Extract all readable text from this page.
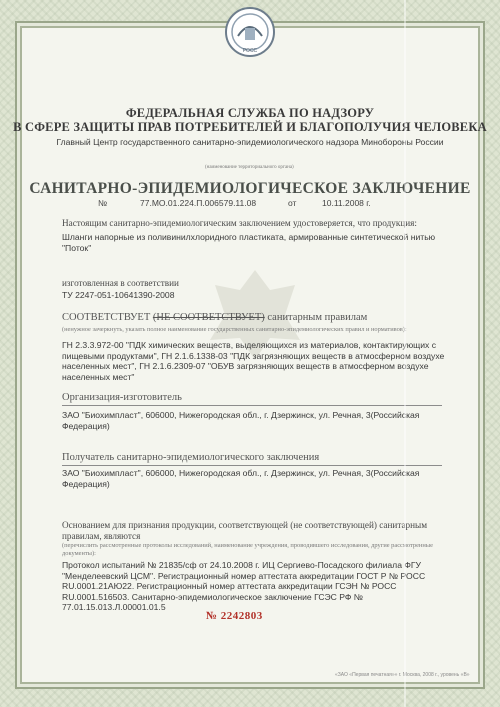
РОСС
ФЕДЕРАЛЬНАЯ СЛУЖБА ПО НАДЗОРУ
В СФЕРЕ ЗАЩИТЫ ПРАВ ПОТРЕБИТЕЛЕЙ И БЛАГОПОЛУЧИЯ ЧЕЛОВЕКА
Главный Центр государственного санитарно-эпидемиологического надзора Минобороны России
(наименование территориального органа)
САНИТАРНО-ЭПИДЕМИОЛОГИЧЕСКОЕ ЗАКЛЮЧЕНИЕ
№	77.МО.01.224.П.006579.11.08	от	10.11.2008 г.
Настоящим санитарно-эпидемиологическим заключением удостоверяется, что продукция:
Шланги напорные из поливинилхлоридного пластиката, армированные синтетической нитью "Поток"
изготовленная в соответствии
ТУ 2247-051-10641390-2008
СООТВЕТСТВУЕТ (НЕ СООТВЕТСТВУЕТ) санитарным правилам
(ненужное зачеркнуть, указать полное наименование государственных санитарно-эпидемиологических правил и нормативов):
ГН 2.3.3.972-00 "ПДК химических веществ, выделяющихся из материалов, контактирующих с пищевыми продуктами", ГН 2.1.6.1338-03 "ПДК загрязняющих веществ в атмосферном воздухе населенных мест", ГН 2.1.6.2309-07 "ОБУВ загрязняющих веществ в атмосферном воздухе населенных мест"
Организация-изготовитель
ЗАО "Биохимпласт", 606000, Нижегородская обл., г. Дзержинск, ул. Речная, 3(Российская Федерация)
Получатель санитарно-эпидемиологического заключения
ЗАО "Биохимпласт", 606000, Нижегородская обл., г. Дзержинск, ул. Речная, 3(Российская Федерация)
Основанием для признания продукции, соответствующей (не соответствующей) санитарным правилам, являются
(перечислить рассмотренные протоколы исследований, наименование учреждения, проводившего исследования, другие рассмотренные документы):
Протокол испытаний № 21835/сф от 24.10.2008 г. ИЦ Сергиево-Посадского филиала ФГУ "Менделеевский ЦСМ". Регистрационный номер аттестата аккредитации ГОСТ Р № РОСС RU.0001.21АЮ22. Регистрационный номер аттестата аккредитации ГСЭН № РОСС RU.0001.516503. Санитарно-эпидемиологическое заключение ГСЭС РФ № 77.01.15.013.Л.00001.01.5
№ 2242803
«ЗАО «Первая печатная»» г. Москва, 2008 г., уровень «В»
